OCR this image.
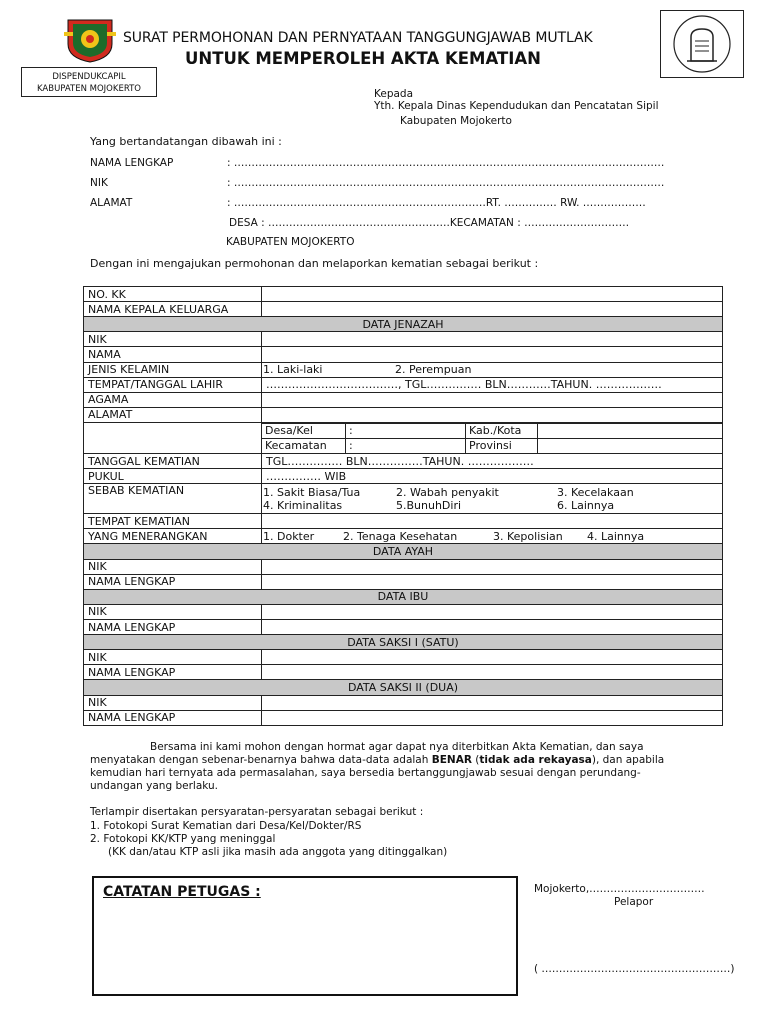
SURAT PERMOHONAN DAN PERNYATAAN TANGGUNGJAWAB MUTLAK
UNTUK MEMPEROLEH AKTA KEMATIAN
DISPENDUKCAPIL
KABUPATEN MOJOKERTO	Kepada
Yth. Kepala Dinas Kependudukan dan Pencatatan Sipil
Kabupaten Mojokerto
Yang bertandatangan dibawah ini :
NAMA LENGKAP	: ……………………………………………………………………………………………………………
NIK	: ……………………………………………………………………………………………………………
ALAMAT	: ………………………………………………………………RT. …………… RW. ………………
DESA : …………………………………………….KECAMATAN : …………………………
KABUPATEN MOJOKERTO
Dengan ini mengajukan permohonan dan melaporkan kematian sebagai berikut :
NO. KK	
NAMA KEPALA KELUARGA	
DATA JENAZAH
NIK	
NAMA	
JENIS KELAMIN	1. Laki-laki	2. Perempuan
TEMPAT/TANGGAL LAHIR	………………………………, TGL…………… BLN…………TAHUN. ………………
AGAMA	
ALAMAT	

Desa/Kel	:	Kab./Kota	
Kecamatan	:	Provinsi	

TANGGAL KEMATIAN	TGL…………… BLN……………TAHUN. ………………
PUKUL	…………… WIB
SEBAB KEMATIAN	1. Sakit Biasa/Tua	2. Wabah penyakit	3. Kecelakaan
4. Kriminalitas	5.BunuhDiri	6. Lainnya

TEMPAT KEMATIAN	
YANG MENERANGKAN	1. Dokter	2. Tenaga Kesehatan	3. Kepolisian 4. Lainnya
DATA AYAH
NIK	
NAMA LENGKAP	
DATA IBU
NIK	
NAMA LENGKAP	
DATA SAKSI I (SATU)
NIK	
NAMA LENGKAP	
DATA SAKSI II (DUA)
NIK	
NAMA LENGKAP	
Bersama ini kami mohon dengan hormat agar dapat nya diterbitkan Akta Kematian, dan saya
menyatakan dengan sebenar-benarnya bahwa data-data adalah BENAR (tidak ada rekayasa), dan apabila
kemudian hari ternyata ada permasalahan, saya bersedia bertanggungjawab sesuai dengan perundang-
undangan yang berlaku.
Terlampir disertakan persyaratan-persyaratan sebagai berikut :
1. Fotokopi Surat Kematian dari Desa/Kel/Dokter/RS
2. Fotokopi KK/KTP yang meninggal
(KK dan/atau KTP asli jika masih ada anggota yang ditinggalkan)
CATATAN PETUGAS :	Mojokerto,……………………………
Pelapor
( ………………………………………………)
